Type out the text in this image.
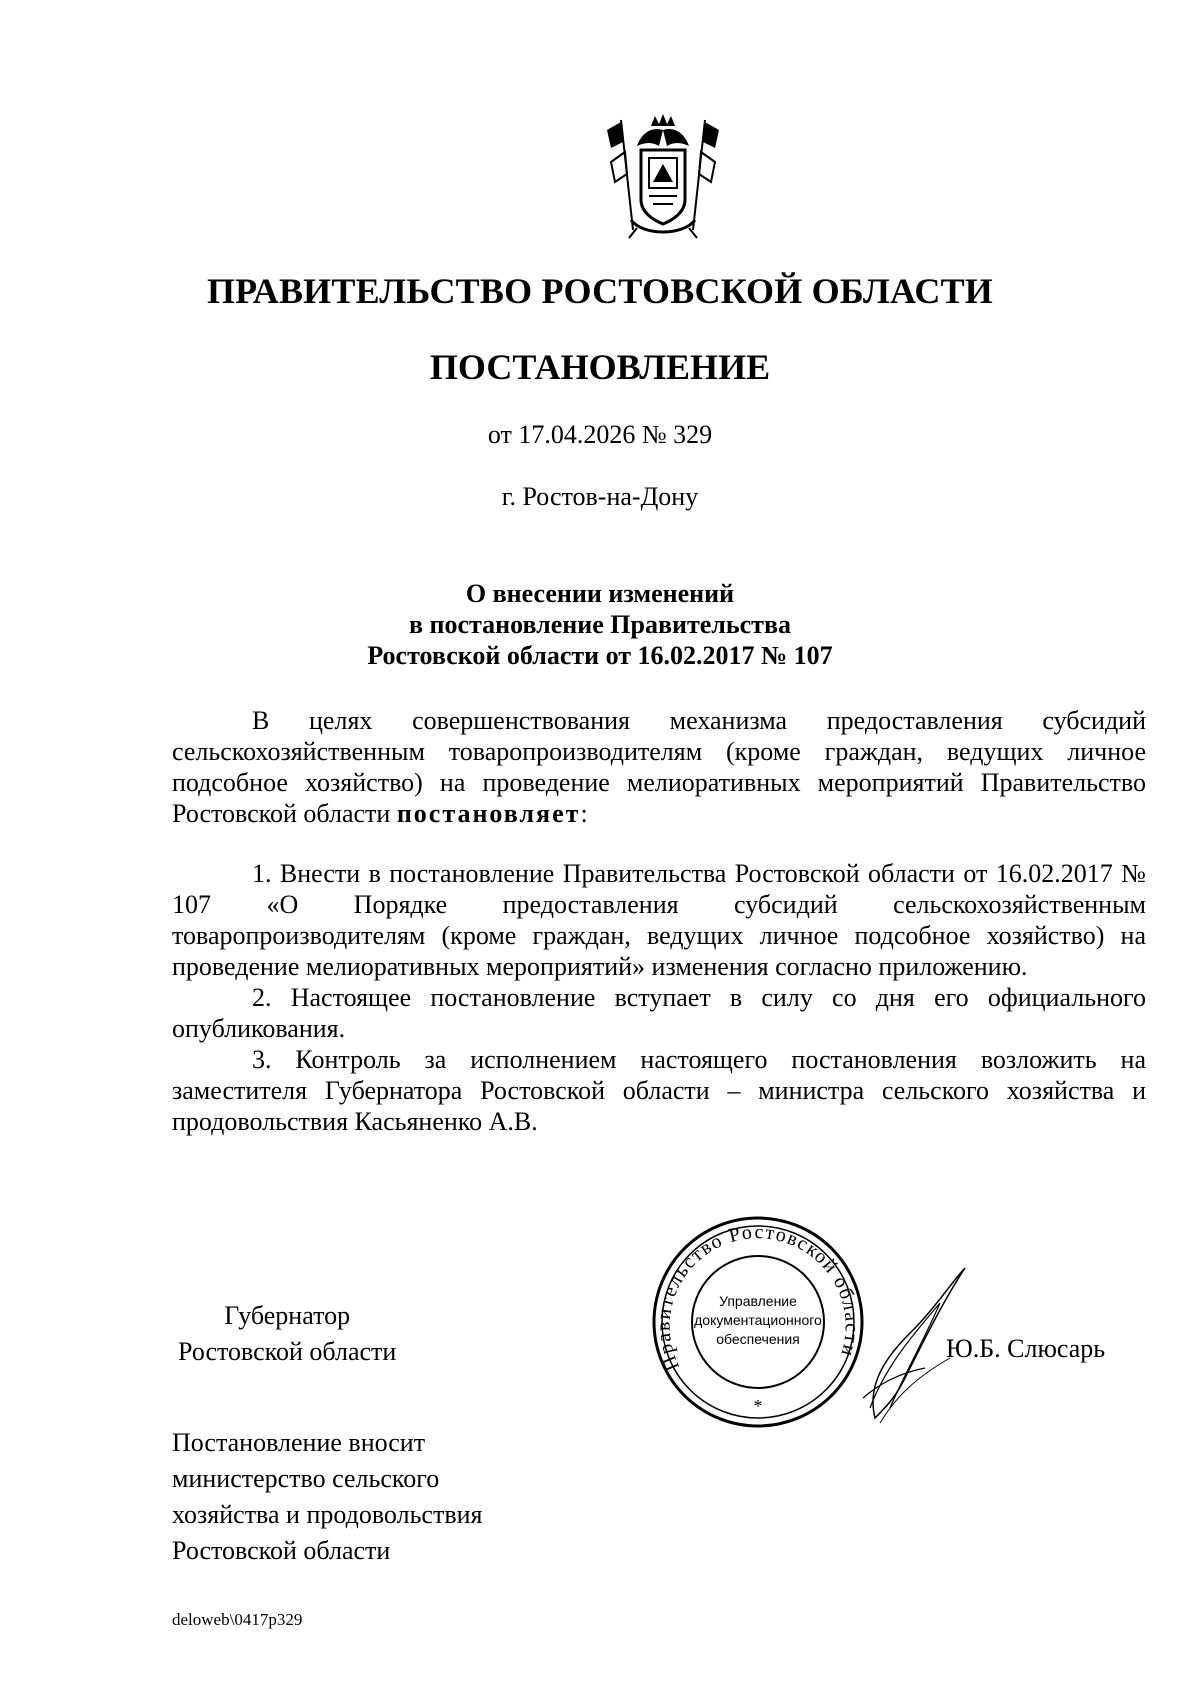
ПРАВИТЕЛЬСТВО РОСТОВСКОЙ ОБЛАСТИ
ПОСТАНОВЛЕНИЕ
от 17.04.2026 № 329
г. Ростов-на-Дону
О внесении изменений
в постановление Правительства
Ростовской области от 16.02.2017 № 107

В целях совершенствования механизма предоставления субсидий сельскохозяйственным товаропроизводителям (кроме граждан, ведущих личное подсобное хозяйство) на проведение мелиоративных мероприятий Правительство Ростовской области постановляет:

1. Внести в постановление Правительства Ростовской области от 16.02.2017 № 107 «О Порядке предоставления субсидий сельскохозяйственным товаропроизводителям (кроме граждан, ведущих личное подсобное хозяйство) на проведение мелиоративных мероприятий» изменения согласно приложению.

2. Настоящее постановление вступает в силу со дня его официального опубликования.

3. Контроль за исполнением настоящего постановления возложить на заместителя Губернатора Ростовской области – министра сельского хозяйства и продовольствия Касьяненко А.В.

Губернатор
Ростовской области	Правительство Ростовской области
Управление
документационного
обеспечения
*
Ю.Б. Слюсарь
Постановление вносит
министерство сельского
хозяйства и продовольствия
Ростовской области
deloweb\0417p329
